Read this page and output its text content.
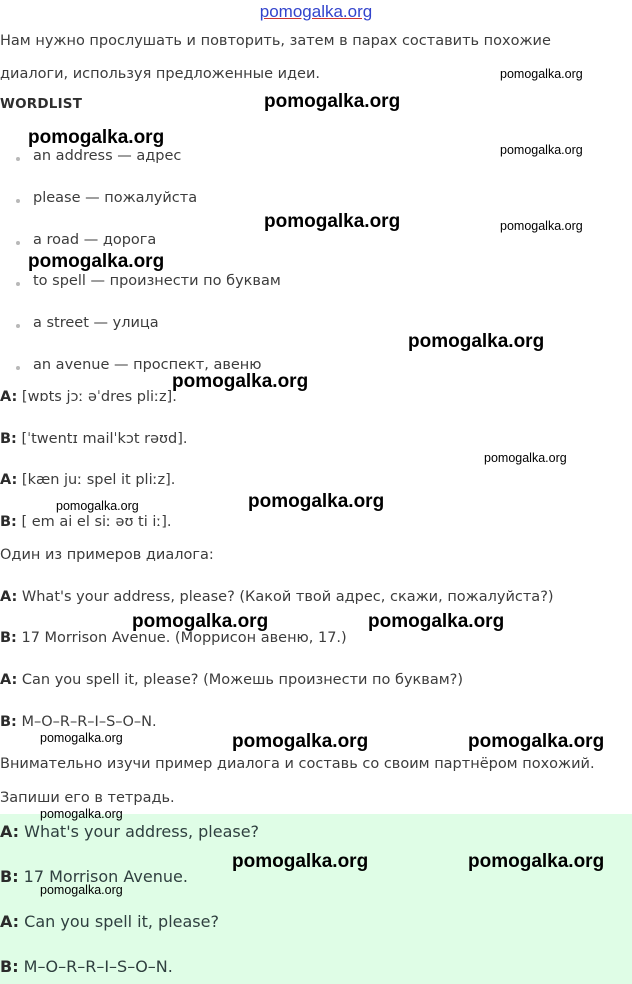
pomogalka.org
Нам нужно прослушать и повторить, затем в парах составить похожие
диалоги, используя предложенные идеи.
WORDLIST
an address — адрес
please — пожалуйста
a road — дорога
to spell — произнести по буквам
a street — улица
an avenue — проспект, авеню
A: [wɒts jɔː əˈdres pliːz].
B: [ˈtwentɪ mailˈkɔt rəʊd].
A: [kæn juː spel it pliːz].
B: [ em ai el siː əʊ ti iː].
Один из примеров диалога:
A: What's your address, please? (Какой твой адрес, скажи, пожалуйста?)
B: 17 Morrison Avenue. (Моррисон авеню, 17.)
A: Can you spell it, please? (Можешь произнести по буквам?)
B: M–O–R–R–I–S–O–N.
Внимательно изучи пример диалога и составь со своим партнёром похожий.
Запиши его в тетрадь.
A: What's your address, please?
B: 17 Morrison Avenue.
A: Can you spell it, please?
B: M–O–R–R–I–S–O–N.
pomogalka.org
pomogalka.org
pomogalka.org
pomogalka.org
pomogalka.org	pomogalka.org
pomogalka.org
pomogalka.org
pomogalka.org
pomogalka.org
pomogalka.org
pomogalka.org
pomogalka.org	pomogalka.org
pomogalka.org	pomogalka.org	pomogalka.org
pomogalka.org
pomogalka.org	pomogalka.org
pomogalka.org
